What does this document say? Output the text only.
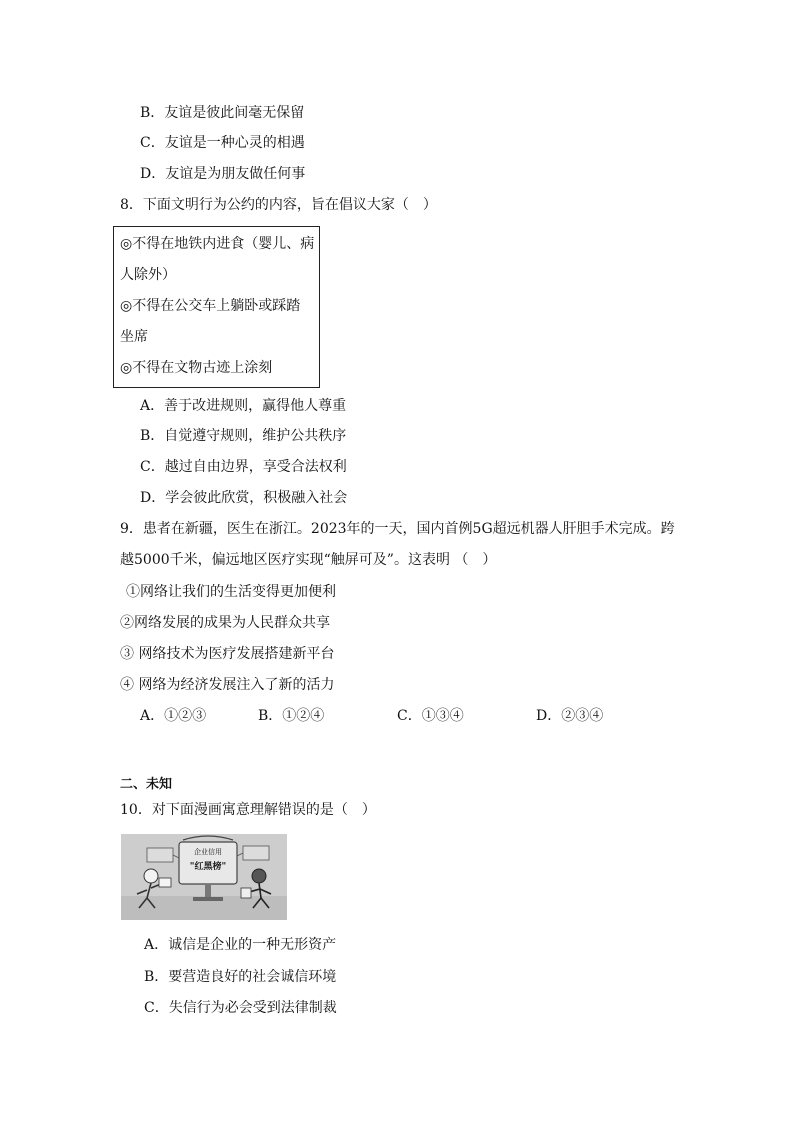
B．友谊是彼此间毫无保留
C．友谊是一种心灵的相遇
D．友谊是为朋友做任何事
8．下面文明行为公约的内容，旨在倡议大家（　）
◎不得在地铁内进食（婴儿、病
人除外）
◎不得在公交车上躺卧或踩踏
坐席
◎不得在文物古迹上涂刻
A．善于改进规则，赢得他人尊重
B．自觉遵守规则，维护公共秩序
C．越过自由边界，享受合法权利
D．学会彼此欣赏，积极融入社会
9．患者在新疆，医生在浙江。2023年的一天，国内首例5G超远机器人肝胆手术完成。跨
越5000千米，偏远地区医疗实现“触屏可及”。这表明 （　）
①网络让我们的生活变得更加便利
②网络发展的成果为人民群众共享
③ 网络技术为医疗发展搭建新平台
④ 网络为经济发展注入了新的活力
A．①②③	B．①②④	C．①③④	D．②③④
二、未知
10．对下面漫画寓意理解错误的是（　）
企业信用
"红黑榜"
A．诚信是企业的一种无形资产
B．要营造良好的社会诚信环境
C．失信行为必会受到法律制裁
